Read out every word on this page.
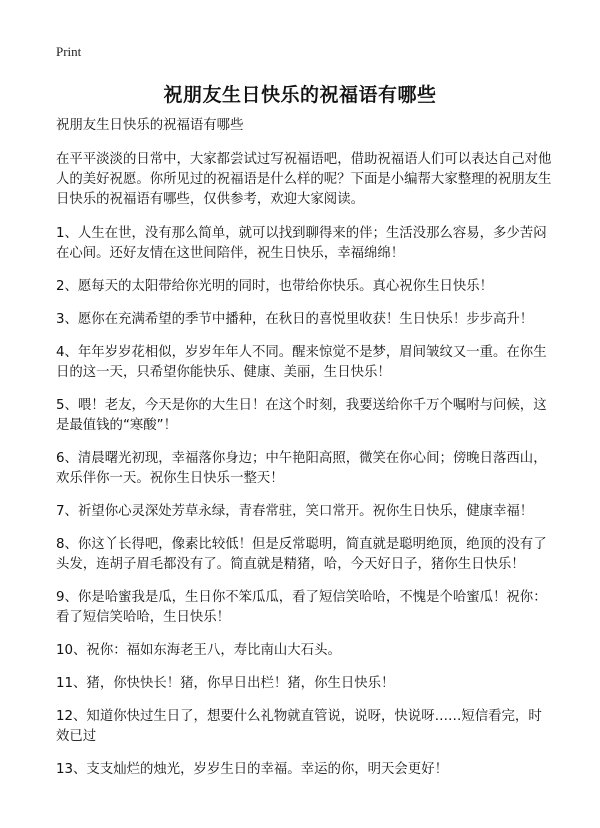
Print
祝朋友生日快乐的祝福语有哪些

祝朋友生日快乐的祝福语有哪些

在平平淡淡的日常中，大家都尝试过写祝福语吧，借助祝福语人们可以表达自己对他人的美好祝愿。你所见过的祝福语是什么样的呢？下面是小编帮大家整理的祝朋友生日快乐的祝福语有哪些，仅供参考，欢迎大家阅读。

1、人生在世，没有那么简单，就可以找到聊得来的伴；生活没那么容易，多少苦闷在心间。还好友情在这世间陪伴，祝生日快乐，幸福绵绵！

2、愿每天的太阳带给你光明的同时，也带给你快乐。真心祝你生日快乐！

3、愿你在充满希望的季节中播种，在秋日的喜悦里收获！生日快乐！步步高升！

4、年年岁岁花相似，岁岁年年人不同。醒来惊觉不是梦，眉间皱纹又一重。在你生日的这一天，只希望你能快乐、健康、美丽，生日快乐！

5、喂！老友，今天是你的大生日！在这个时刻，我要送给你千万个嘱咐与问候，这是最值钱的“寒酸”！

6、清晨曙光初现，幸福落你身边；中午艳阳高照，微笑在你心间；傍晚日落西山，欢乐伴你一天。祝你生日快乐一整天！

7、祈望你心灵深处芳草永绿，青春常驻，笑口常开。祝你生日快乐，健康幸福！

8、你这丫长得吧，像素比较低！但是反常聪明，简直就是聪明绝顶，绝顶的没有了头发，连胡子眉毛都没有了。简直就是精猪，哈，今天好日子，猪你生日快乐！

9、你是哈蜜我是瓜，生日你不笨瓜瓜，看了短信笑哈哈，不愧是个哈蜜瓜！祝你：看了短信笑哈哈，生日快乐！

10、祝你：福如东海老王八，寿比南山大石头。

11、猪，你快快长！猪，你早日出栏！猪，你生日快乐！

12、知道你快过生日了，想要什么礼物就直管说，说呀，快说呀……短信看完，时效已过

13、支支灿烂的烛光，岁岁生日的幸福。幸运的你，明天会更好！
